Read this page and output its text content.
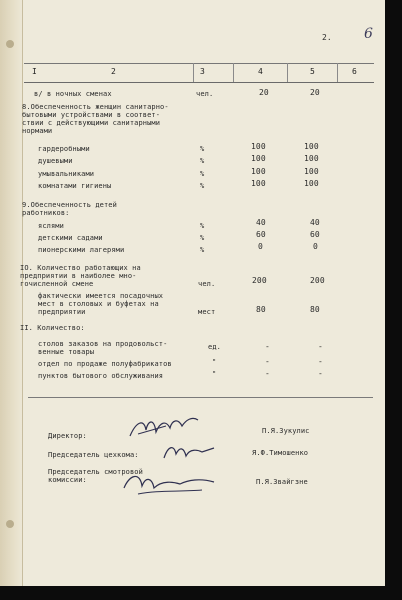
2. 6
I	2	3	4	5	6
в/ в ночных сменах	чел.	20	20
8.Обеспеченность женщин санитарно-
бытовыми устройствами в соответ-
ствии с действующими санитарными
нормами
гардеробными	%	100	100
душевыми	%	100	100
умывальниками	%	100	100
комнатами гигиены	%	100	100
9.Обеспеченность детей
работников:
яслями	%	40	40
детскими садами	%	60	60
пионерскими лагерями	%	0	0
IO. Количество работающих на
предприятии в наиболее мно-
гочисленной смене	чел.	200	200
фактически имеется посадочных
мест в столовых и буфетах на
предприятии	мест	80	80
II. Количество:
столов заказов на продовольст-
венные товары
ед.	-	-
отдел по продаже полуфабрикатов	"	-	-
пунктов бытового обслуживания	"	-	-
Директор:
П.Я.Зукулис
Председатель цехкома:	Я.Ф.Тимошенко
Председатель смотровой
комиссии:	П.Я.Звайгзне
